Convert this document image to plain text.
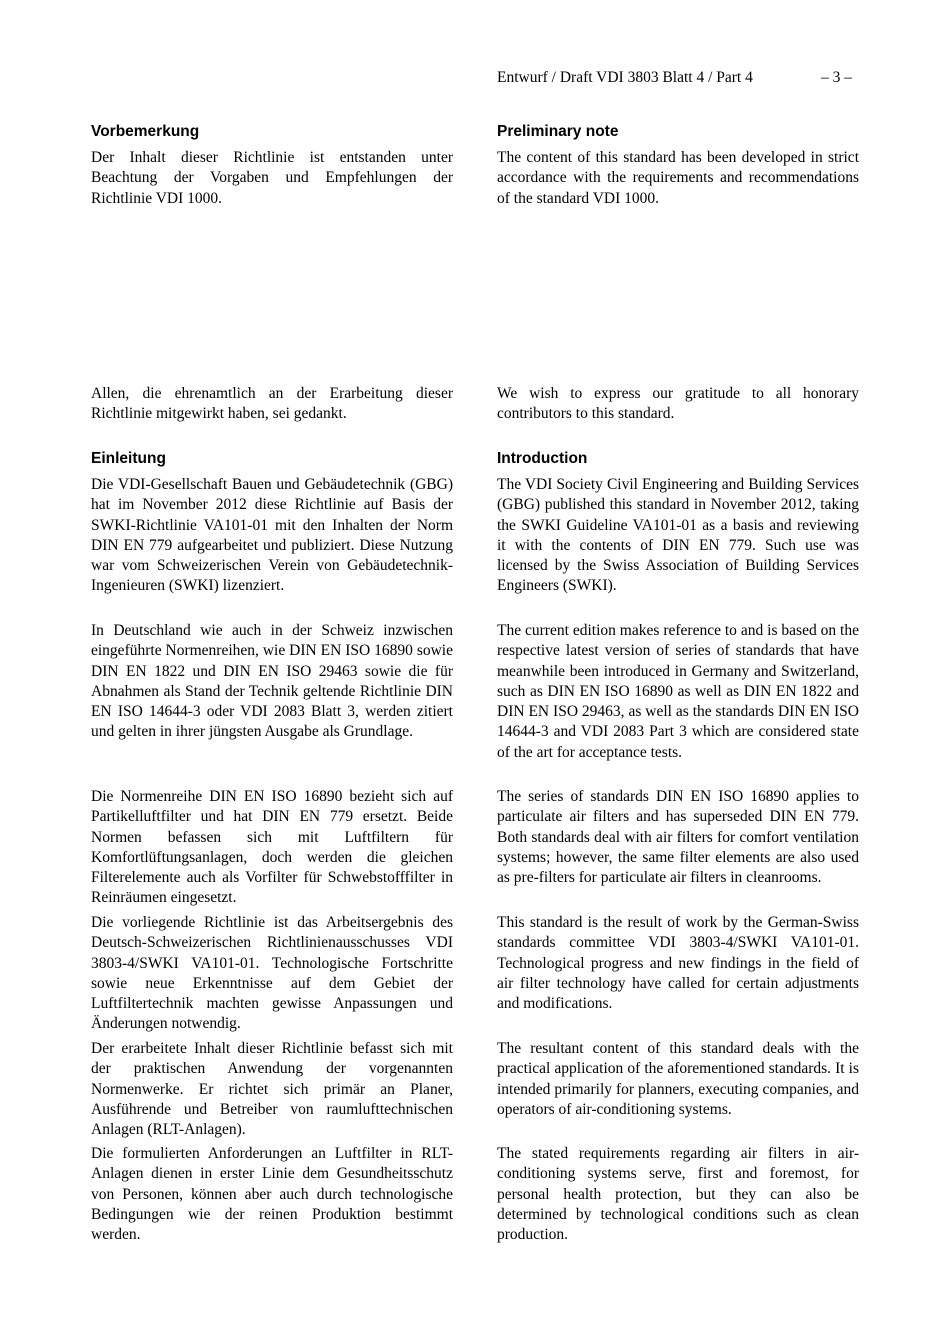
Entwurf / Draft VDI 3803 Blatt 4 / Part 4	– 3 –
Vorbemerkung

Der Inhalt dieser Richtlinie ist entstanden unter Beachtung der Vorgaben und Empfehlungen der Richtlinie VDI 1000.

Allen, die ehrenamtlich an der Erarbeitung dieser Richtlinie mitgewirkt haben, sei gedankt.

Einleitung

Die VDI-Gesellschaft Bauen und Gebäudetechnik (GBG) hat im November 2012 diese Richtlinie auf Basis der SWKI-Richtlinie VA101-01 mit den Inhalten der Norm DIN EN 779 aufgearbeitet und publiziert. Diese Nutzung war vom Schweizerischen Verein von Gebäudetechnik-Ingenieuren (SWKI) lizenziert.

In Deutschland wie auch in der Schweiz inzwischen eingeführte Normenreihen, wie DIN EN ISO 16890 sowie DIN EN 1822 und DIN EN ISO 29463 sowie die für Abnahmen als Stand der Technik geltende Richtlinie DIN EN ISO 14644-3 oder VDI 2083 Blatt 3, werden zitiert und gelten in ihrer jüngsten Ausgabe als Grundlage.

Die Normenreihe DIN EN ISO 16890 bezieht sich auf Partikelluftfilter und hat DIN EN 779 ersetzt. Beide Normen befassen sich mit Luftfiltern für Komfortlüftungsanlagen, doch werden die gleichen Filterelemente auch als Vorfilter für Schwebstofffilter in Reinräumen eingesetzt.

Die vorliegende Richtlinie ist das Arbeitsergebnis des Deutsch-Schweizerischen Richtlinienausschusses VDI 3803-4/SWKI VA101-01. Technologische Fortschritte sowie neue Erkenntnisse auf dem Gebiet der Luftfiltertechnik machten gewisse Anpassungen und Änderungen notwendig.

Der erarbeitete Inhalt dieser Richtlinie befasst sich mit der praktischen Anwendung der vorgenannten Normenwerke. Er richtet sich primär an Planer, Ausführende und Betreiber von raumlufttechnischen Anlagen (RLT-Anlagen).

Die formulierten Anforderungen an Luftfilter in RLT-Anlagen dienen in erster Linie dem Gesundheitsschutz von Personen, können aber auch durch technologische Bedingungen wie der reinen Produktion bestimmt werden.

Preliminary note

The content of this standard has been developed in strict accordance with the requirements and recommendations of the standard VDI 1000.

We wish to express our gratitude to all honorary contributors to this standard.

Introduction

The VDI Society Civil Engineering and Building Services (GBG) published this standard in November 2012, taking the SWKI Guideline VA101-01 as a basis and reviewing it with the contents of DIN EN 779. Such use was licensed by the Swiss Association of Building Services Engineers (SWKI).

The current edition makes reference to and is based on the respective latest version of series of standards that have meanwhile been introduced in Germany and Switzerland, such as DIN EN ISO 16890 as well as DIN EN 1822 and DIN EN ISO 29463, as well as the standards DIN EN ISO 14644-3 and VDI 2083 Part 3 which are considered state of the art for acceptance tests.

The series of standards DIN EN ISO 16890 applies to particulate air filters and has superseded DIN EN 779. Both standards deal with air filters for comfort ventilation systems; however, the same filter elements are also used as pre-filters for particulate air filters in cleanrooms.

This standard is the result of work by the German-Swiss standards committee VDI 3803-4/SWKI VA101-01. Technological progress and new findings in the field of air filter technology have called for certain adjustments and modifications.

The resultant content of this standard deals with the practical application of the aforementioned standards. It is intended primarily for planners, executing companies, and operators of air-conditioning systems.

The stated requirements regarding air filters in air-conditioning systems serve, first and foremost, for personal health protection, but they can also be determined by technological conditions such as clean production.
